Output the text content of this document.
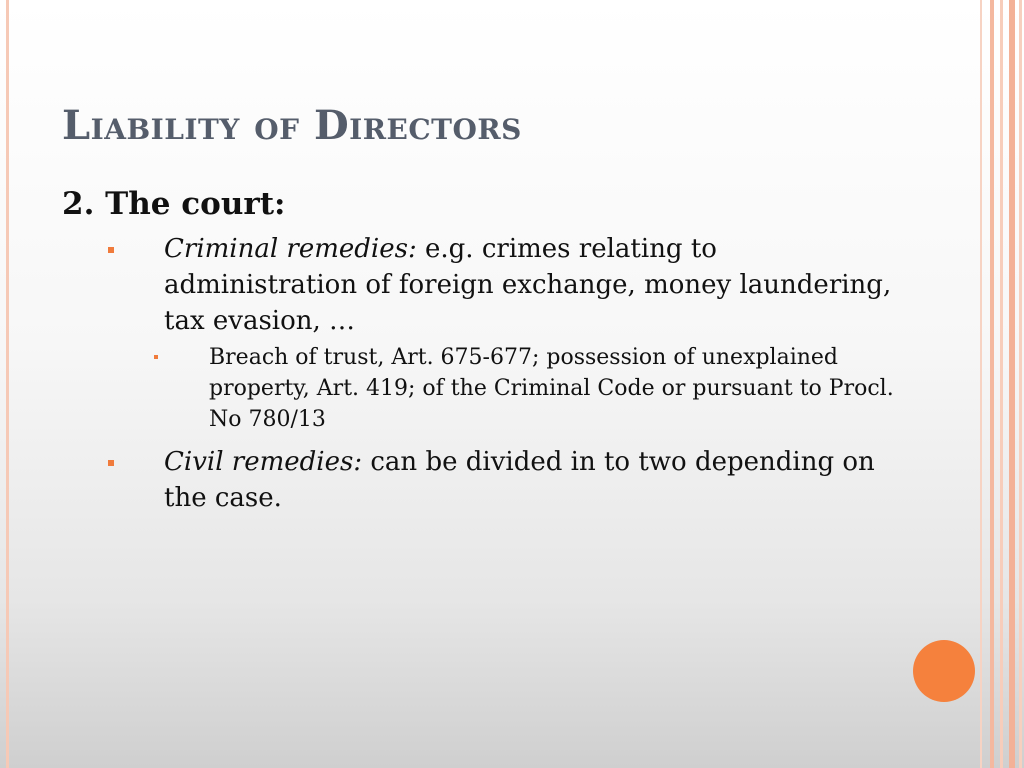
Liability of Directors
2. The court:
Criminal remedies: e.g. crimes relating to administration of foreign exchange, money laundering, tax evasion, …
Breach of trust, Art. 675-677; possession of unexplained property, Art. 419; of the Criminal Code or pursuant to Procl. No 780/13
Civil remedies: can be divided in to two depending on the case.
